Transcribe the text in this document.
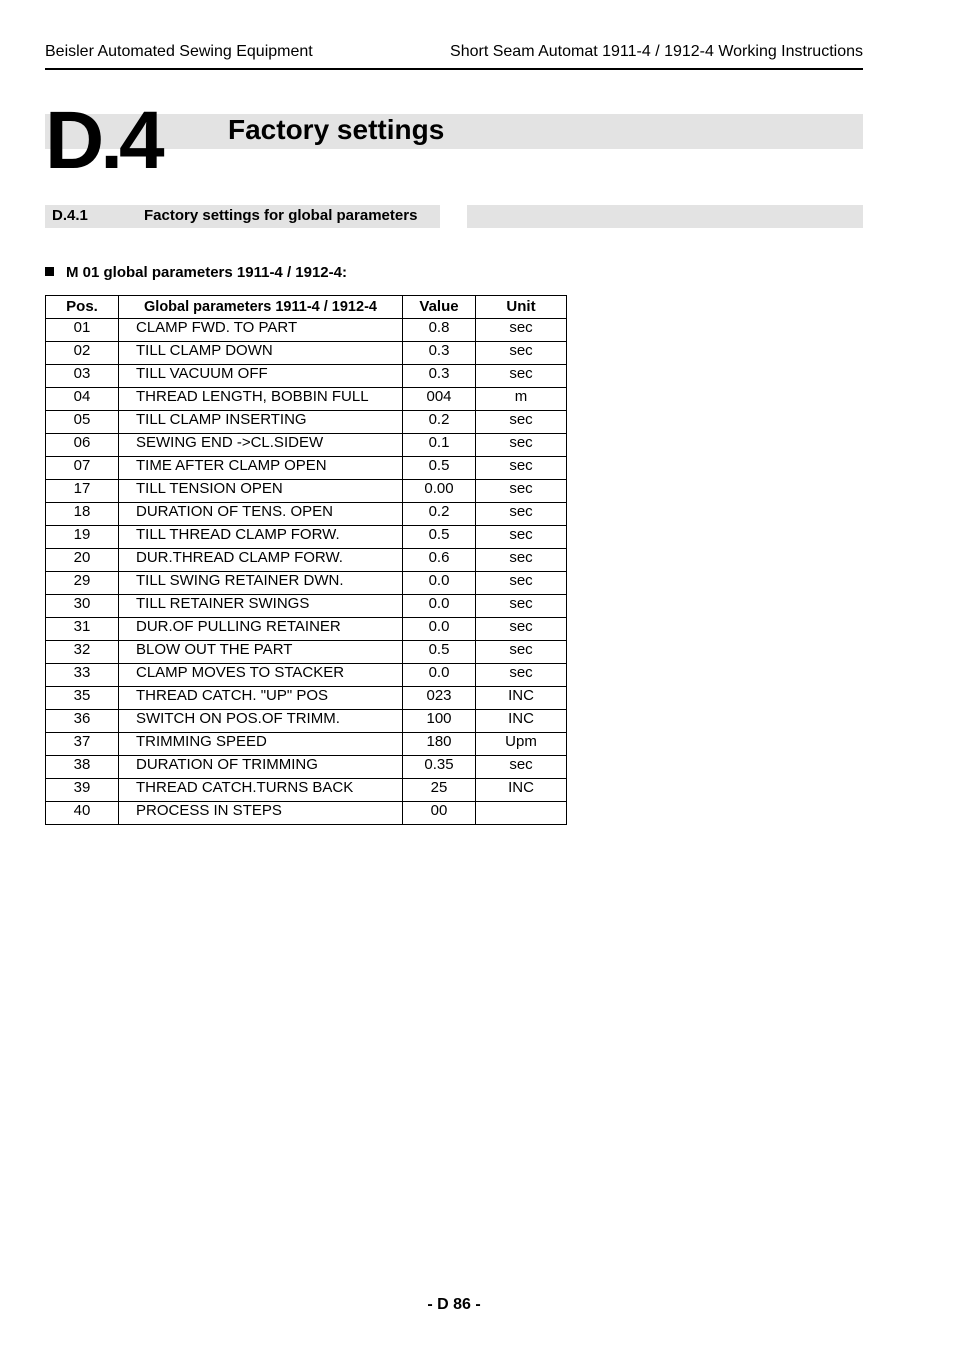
Beisler Automated Sewing Equipment	Short Seam Automat 1911-4 / 1912-4 Working Instructions
D.4 Factory settings
D.4.1	Factory settings for global parameters
M 01 global parameters 1911-4 / 1912-4:
Pos.	Global parameters 1911-4 / 1912-4	Value	Unit
01	CLAMP FWD. TO PART	0.8	sec
02	TILL CLAMP DOWN	0.3	sec
03	TILL VACUUM OFF	0.3	sec
04	THREAD LENGTH, BOBBIN FULL	004	m
05	TILL CLAMP INSERTING	0.2	sec
06	SEWING END ->CL.SIDEW	0.1	sec
07	TIME AFTER CLAMP OPEN	0.5	sec
17	TILL TENSION OPEN	0.00	sec
18	DURATION OF TENS. OPEN	0.2	sec
19	TILL THREAD CLAMP FORW.	0.5	sec
20	DUR.THREAD CLAMP FORW.	0.6	sec
29	TILL SWING RETAINER DWN.	0.0	sec
30	TILL RETAINER SWINGS	0.0	sec
31	DUR.OF PULLING RETAINER	0.0	sec
32	BLOW OUT THE PART	0.5	sec
33	CLAMP MOVES TO STACKER	0.0	sec
35	THREAD CATCH. "UP" POS	023	INC
36	SWITCH ON POS.OF TRIMM.	100	INC
37	TRIMMING SPEED	180	Upm
38	DURATION OF TRIMMING	0.35	sec
39	THREAD CATCH.TURNS BACK	25	INC
40	PROCESS IN STEPS	00	
- D 86 -
